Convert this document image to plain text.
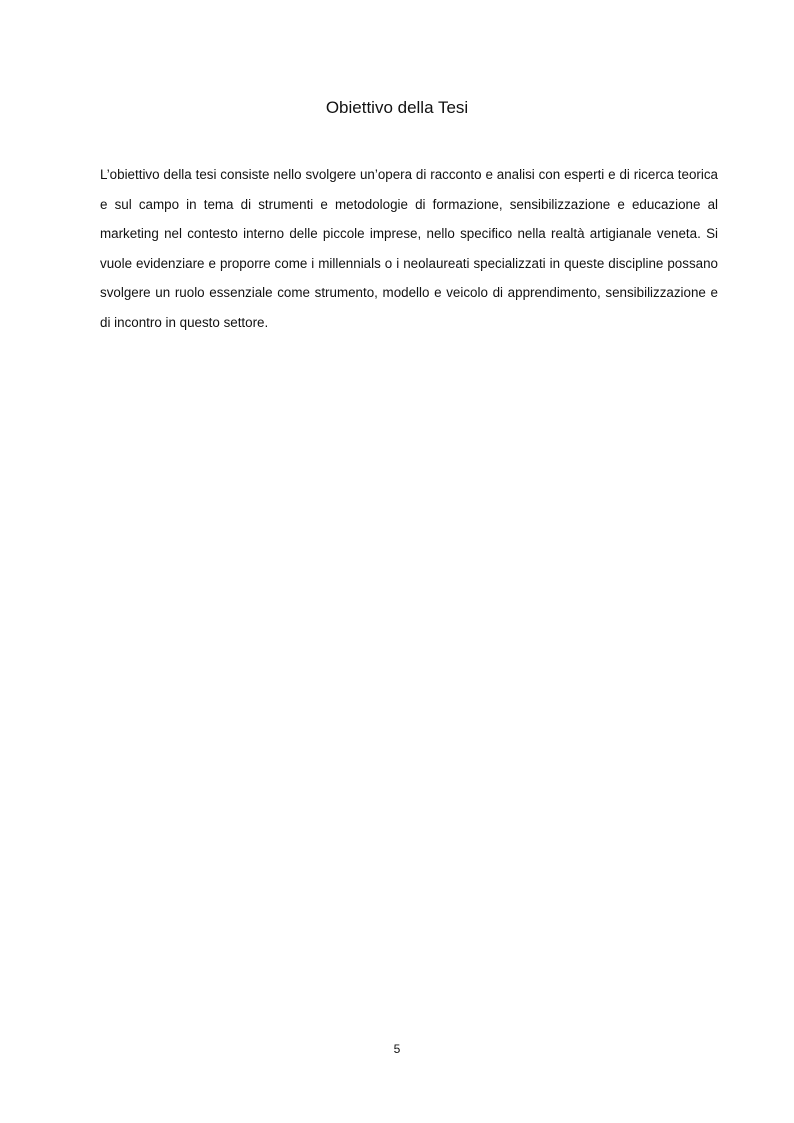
Obiettivo della Tesi

L’obiettivo della tesi consiste nello svolgere un’opera di racconto e analisi con esperti e di ricerca teorica e sul campo in tema di strumenti e metodologie di formazione, sensibilizzazione e educazione al marketing nel contesto interno delle piccole imprese, nello specifico nella realtà artigianale veneta. Si vuole evidenziare e proporre come i millennials o i neolaureati specializzati in queste discipline possano svolgere un ruolo essenziale come strumento, modello e veicolo di apprendimento, sensibilizzazione e di incontro in questo settore.

5
